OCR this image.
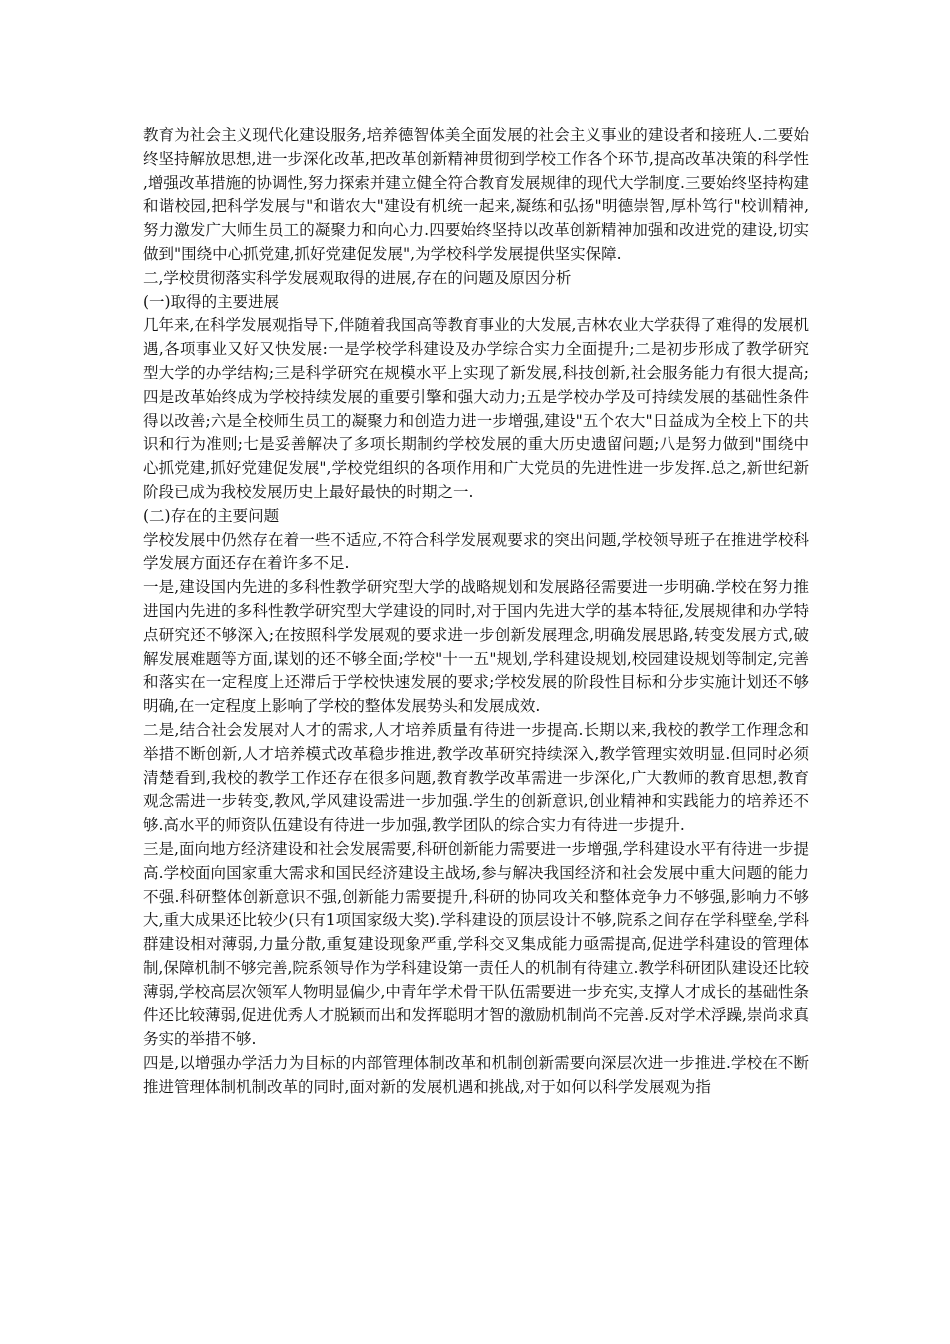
教育为社会主义现代化建设服务,培养德智体美全面发展的社会主义事业的建设者和接班人.二要始终坚持解放思想,进一步深化改革,把改革创新精神贯彻到学校工作各个环节,提高改革决策的科学性,增强改革措施的协调性,努力探索并建立健全符合教育发展规律的现代大学制度.三要始终坚持构建和谐校园,把科学发展与"和谐农大"建设有机统一起来,凝练和弘扬"明德崇智,厚朴笃行"校训精神,努力激发广大师生员工的凝聚力和向心力.四要始终坚持以改革创新精神加强和改进党的建设,切实做到"围绕中心抓党建,抓好党建促发展",为学校科学发展提供坚实保障.

二,学校贯彻落实科学发展观取得的进展,存在的问题及原因分析

(一)取得的主要进展

几年来,在科学发展观指导下,伴随着我国高等教育事业的大发展,吉林农业大学获得了难得的发展机遇,各项事业又好又快发展:一是学校学科建设及办学综合实力全面提升;二是初步形成了教学研究型大学的办学结构;三是科学研究在规模水平上实现了新发展,科技创新,社会服务能力有很大提高;四是改革始终成为学校持续发展的重要引擎和强大动力;五是学校办学及可持续发展的基础性条件得以改善;六是全校师生员工的凝聚力和创造力进一步增强,建设"五个农大"日益成为全校上下的共识和行为准则;七是妥善解决了多项长期制约学校发展的重大历史遗留问题;八是努力做到"围绕中心抓党建,抓好党建促发展",学校党组织的各项作用和广大党员的先进性进一步发挥.总之,新世纪新阶段已成为我校发展历史上最好最快的时期之一.

(二)存在的主要问题

学校发展中仍然存在着一些不适应,不符合科学发展观要求的突出问题,学校领导班子在推进学校科学发展方面还存在着许多不足.

一是,建设国内先进的多科性教学研究型大学的战略规划和发展路径需要进一步明确.学校在努力推进国内先进的多科性教学研究型大学建设的同时,对于国内先进大学的基本特征,发展规律和办学特点研究还不够深入;在按照科学发展观的要求进一步创新发展理念,明确发展思路,转变发展方式,破解发展难题等方面,谋划的还不够全面;学校"十一五"规划,学科建设规划,校园建设规划等制定,完善和落实在一定程度上还滞后于学校快速发展的要求;学校发展的阶段性目标和分步实施计划还不够明确,在一定程度上影响了学校的整体发展势头和发展成效.

二是,结合社会发展对人才的需求,人才培养质量有待进一步提高.长期以来,我校的教学工作理念和举措不断创新,人才培养模式改革稳步推进,教学改革研究持续深入,教学管理实效明显.但同时必须清楚看到,我校的教学工作还存在很多问题,教育教学改革需进一步深化,广大教师的教育思想,教育观念需进一步转变,教风,学风建设需进一步加强.学生的创新意识,创业精神和实践能力的培养还不够.高水平的师资队伍建设有待进一步加强,教学团队的综合实力有待进一步提升.

三是,面向地方经济建设和社会发展需要,科研创新能力需要进一步增强,学科建设水平有待进一步提高.学校面向国家重大需求和国民经济建设主战场,参与解决我国经济和社会发展中重大问题的能力不强.科研整体创新意识不强,创新能力需要提升,科研的协同攻关和整体竞争力不够强,影响力不够大,重大成果还比较少(只有1项国家级大奖).学科建设的顶层设计不够,院系之间存在学科壁垒,学科群建设相对薄弱,力量分散,重复建设现象严重,学科交叉集成能力亟需提高,促进学科建设的管理体制,保障机制不够完善,院系领导作为学科建设第一责任人的机制有待建立.教学科研团队建设还比较薄弱,学校高层次领军人物明显偏少,中青年学术骨干队伍需要进一步充实,支撑人才成长的基础性条件还比较薄弱,促进优秀人才脱颖而出和发挥聪明才智的激励机制尚不完善.反对学术浮躁,崇尚求真务实的举措不够.

四是,以增强办学活力为目标的内部管理体制改革和机制创新需要向深层次进一步推进.学校在不断推进管理体制机制改革的同时,面对新的发展机遇和挑战,对于如何以科学发展观为指
